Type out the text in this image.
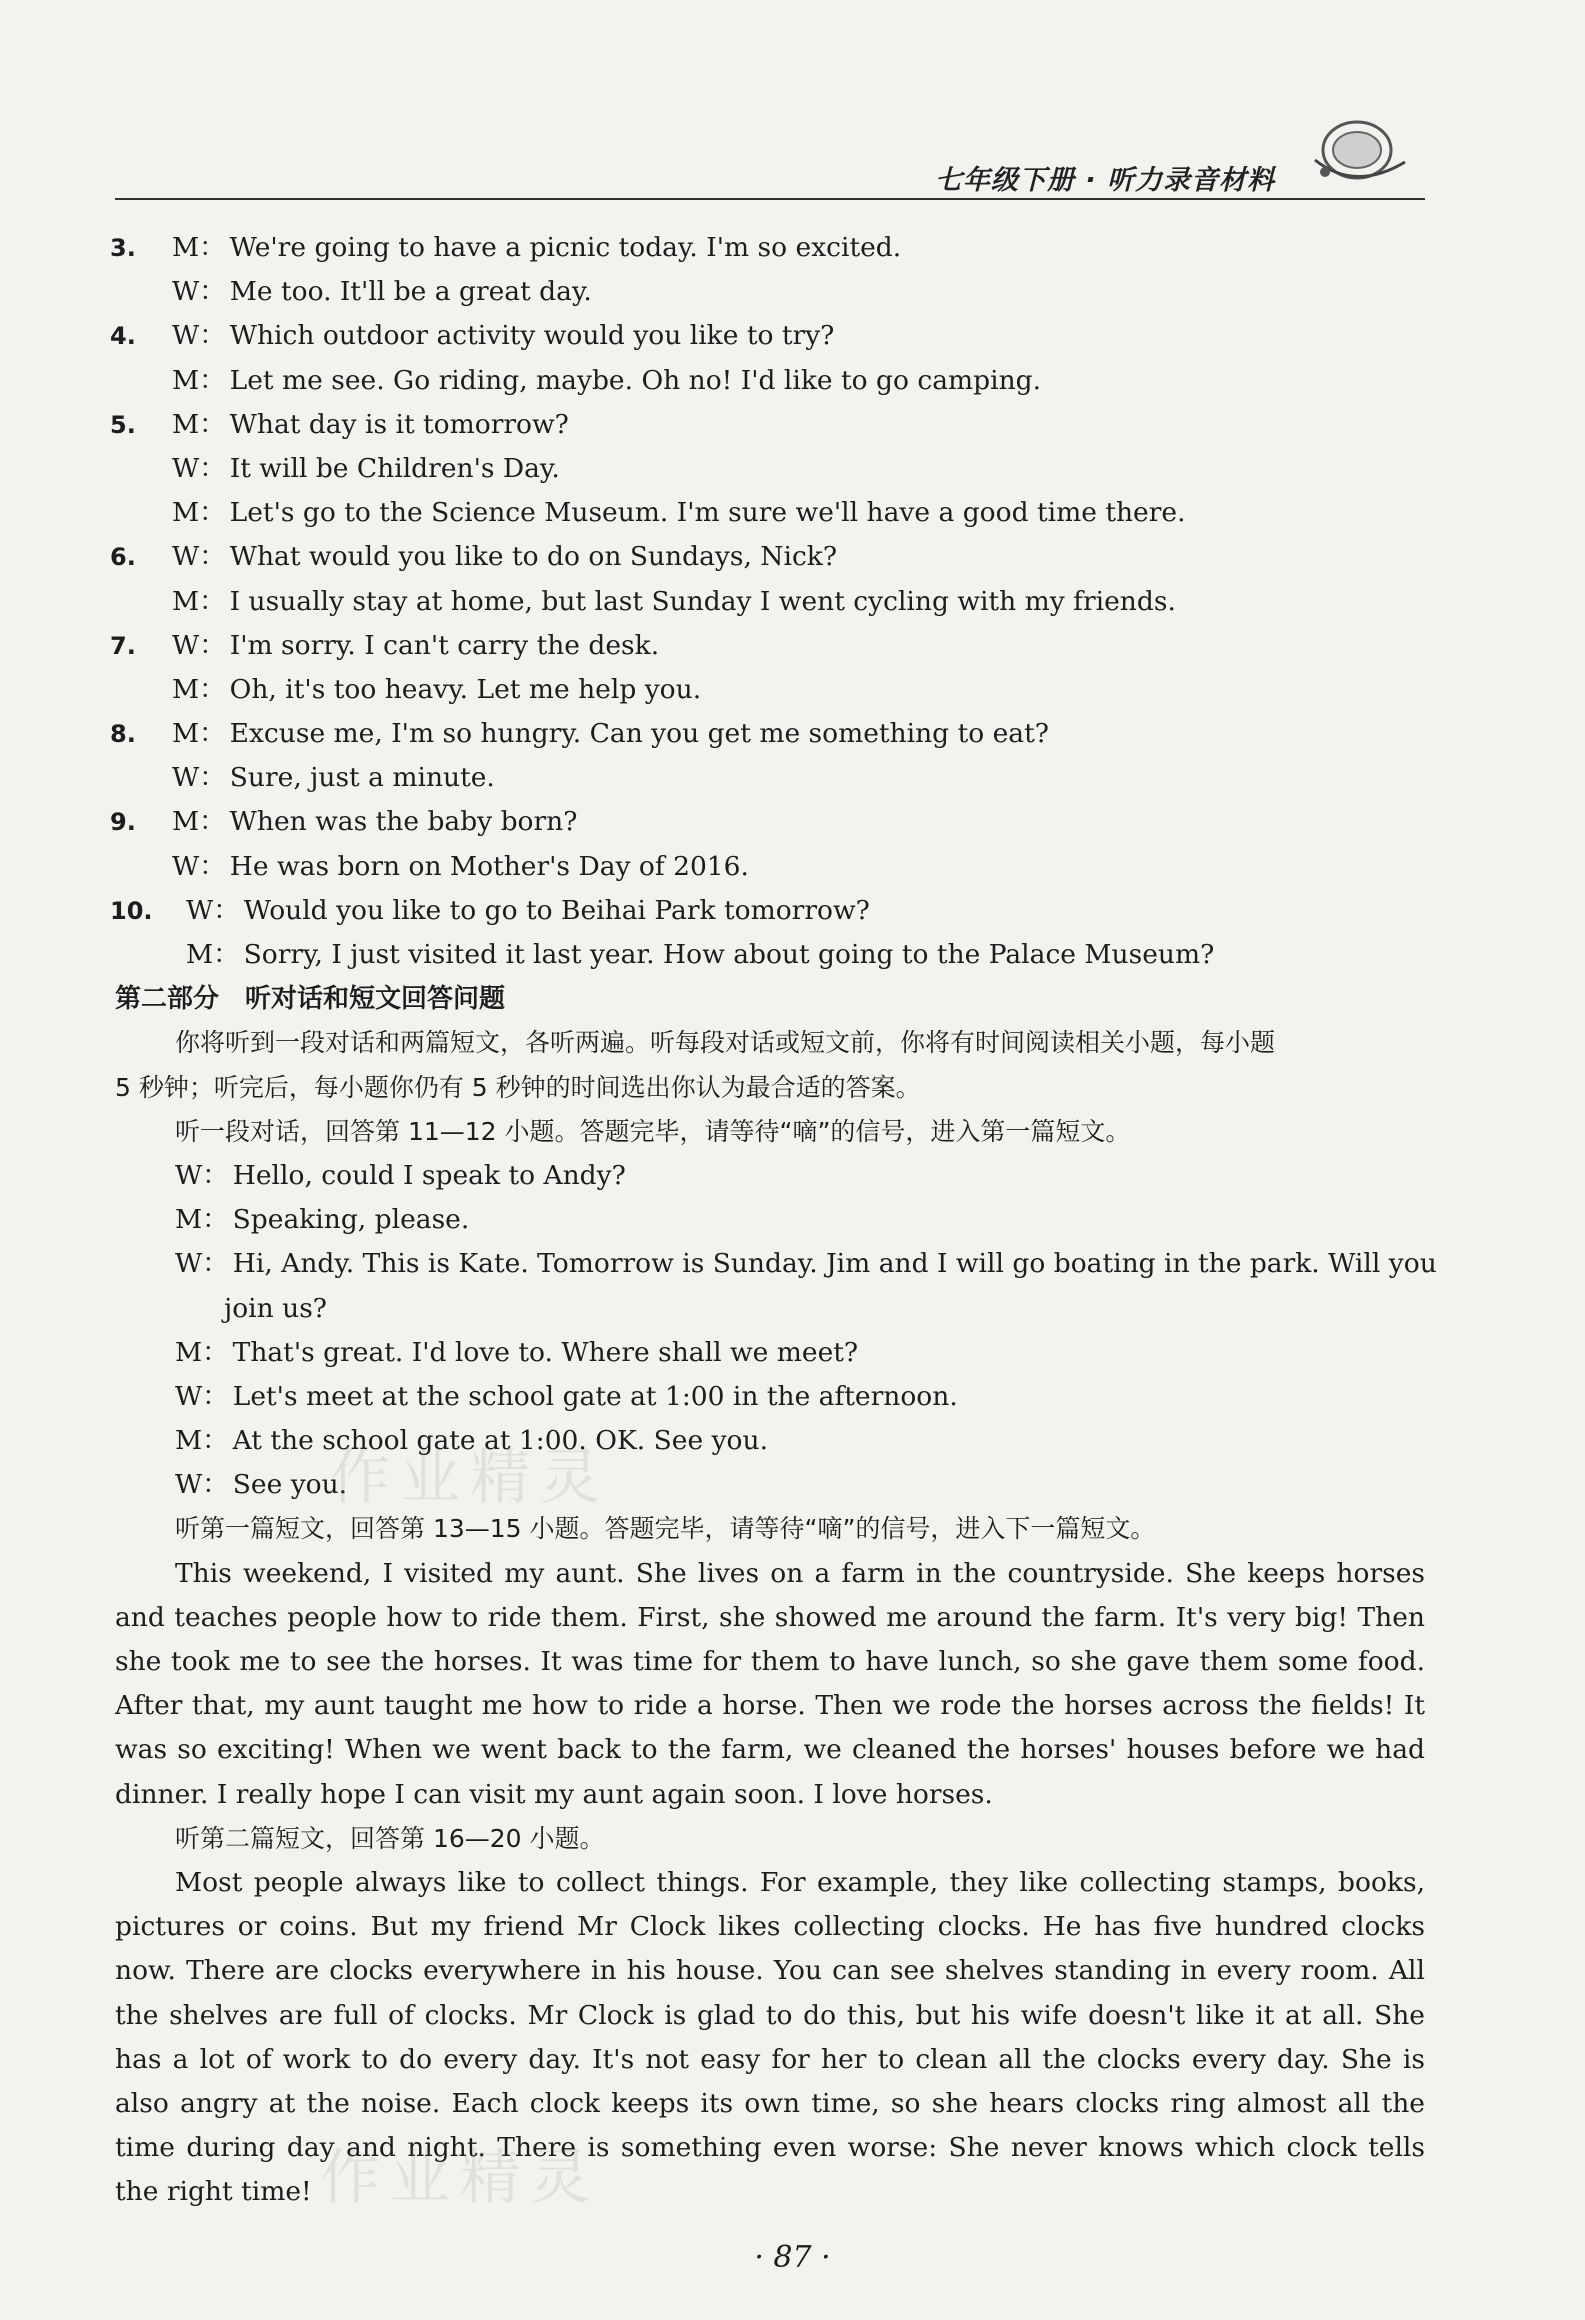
七年级下册 · 听力录音材料
3. M： We're going to have a picnic today. I'm so excited.
W： Me too. It'll be a great day.
4. W： Which outdoor activity would you like to try?
M： Let me see. Go riding, maybe. Oh no! I'd like to go camping.
5. M： What day is it tomorrow?
W： It will be Children's Day.
M： Let's go to the Science Museum. I'm sure we'll have a good time there.
6. W： What would you like to do on Sundays, Nick?
M： I usually stay at home, but last Sunday I went cycling with my friends.
7. W： I'm sorry. I can't carry the desk.
M： Oh, it's too heavy. Let me help you.
8. M： Excuse me, I'm so hungry. Can you get me something to eat?
W： Sure, just a minute.
9. M： When was the baby born?
W： He was born on Mother's Day of 2016.
10. W： Would you like to go to Beihai Park tomorrow?
M： Sorry, I just visited it last year. How about going to the Palace Museum?
第二部分　听对话和短文回答问题
你将听到一段对话和两篇短文，各听两遍。听每段对话或短文前，你将有时间阅读相关小题，每小题
5 秒钟；听完后，每小题你仍有 5 秒钟的时间选出你认为最合适的答案。
听一段对话，回答第 11—12 小题。答题完毕，请等待“嘀”的信号，进入第一篇短文。
W： Hello, could I speak to Andy?
M： Speaking, please.
W： Hi, Andy. This is Kate. Tomorrow is Sunday. Jim and I will go boating in the park. Will you
join us?
M： That's great. I'd love to. Where shall we meet?
W： Let's meet at the school gate at 1:00 in the afternoon.
M： At the school gate at 1:00. OK. See you.
W： See you.
听第一篇短文，回答第 13—15 小题。答题完毕，请等待“嘀”的信号，进入下一篇短文。
This weekend, I visited my aunt. She lives on a farm in the countryside. She keeps horses and teaches people how to ride them. First, she showed me around the farm. It's very big! Then she took me to see the horses. It was time for them to have lunch, so she gave them some food. After that, my aunt taught me how to ride a horse. Then we rode the horses across the fields! It was so exciting! When we went back to the farm, we cleaned the horses' houses before we had dinner. I really hope I can visit my aunt again soon. I love horses.
听第二篇短文，回答第 16—20 小题。
Most people always like to collect things. For example, they like collecting stamps, books, pictures or coins. But my friend Mr Clock likes collecting clocks. He has five hundred clocks now. There are clocks everywhere in his house. You can see shelves standing in every room. All the shelves are full of clocks. Mr Clock is glad to do this, but his wife doesn't like it at all. She has a lot of work to do every day. It's not easy for her to clean all the clocks every day. She is also angry at the noise. Each clock keeps its own time, so she hears clocks ring almost all the time during day and night. There is something even worse: She never knows which clock tells the right time!
作业精灵
作业精灵
· 87 ·
